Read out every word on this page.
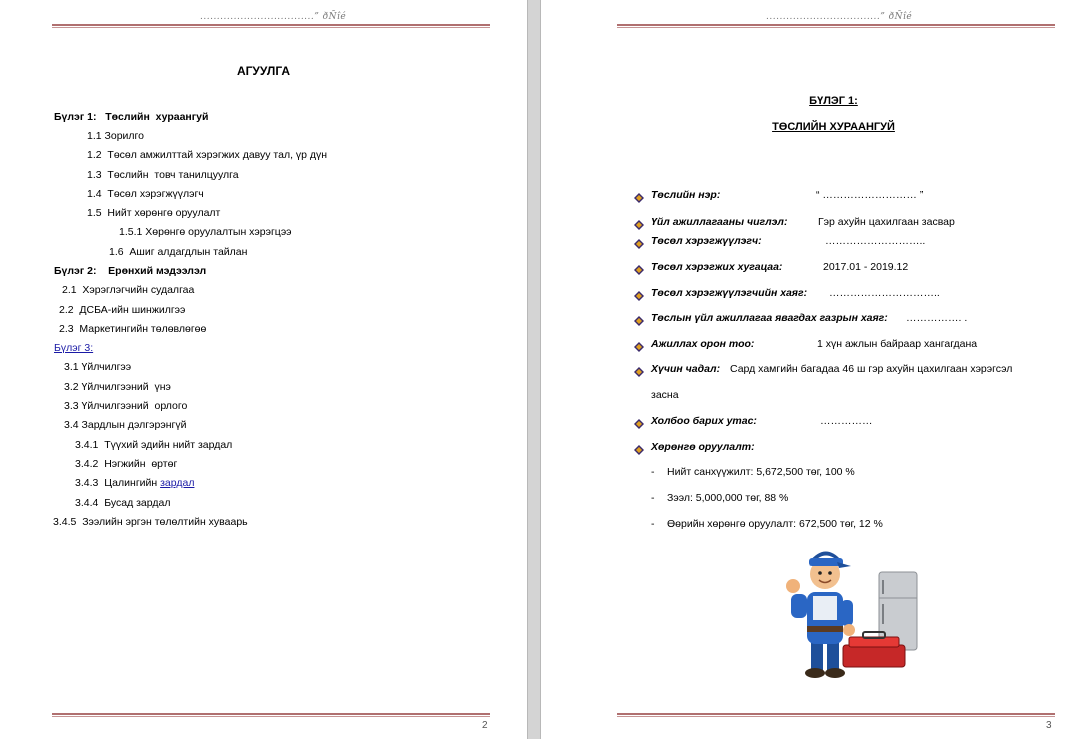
..................................” ðÑîé
АГУУЛГА
Бүлэг 1:   Төслийн  хураангуй
1.1 Зорилго
1.2  Төсөл амжилттай хэрэгжих давуу тал, үр дүн
1.3  Төслийн  товч танилцуулга
1.4  Төсөл хэрэгжүүлэгч
1.5  Нийт хөрөнгө оруулалт
1.5.1 Хөрөнгө оруулалтын хэрэгцээ
1.6  Ашиг алдагдлын тайлан
Бүлэг 2:    Ерөнхий мэдээлэл
2.1  Хэрэглэгчийн судалгаа
2.2  ДСБА-ийн шинжилгээ
2.3  Маркетингийн төлөвлөгөө
Бүлэг 3:
3.1 Үйлчилгээ
3.2 Үйлчилгээний  үнэ
3.3 Үйлчилгээний  орлого
3.4 Зардлын дэлгэрэнгүй
3.4.1  Түүхий эдийн нийт зардал
3.4.2  Нэгжийн  өртөг
3.4.3  Цалингийн зардал
3.4.4  Бусад зардал
3.4.5  Зээлийн эргэн төлөлтийн хуваарь
2
..................................” ðÑîé
БҮЛЭГ 1:
ТӨСЛИЙН ХУРААНГУЙ
Төслийн нэр:	“ ……………………… ”
Үйл ажиллагааны чиглэл:	Гэр ахуйн цахилгаан засвар
Төсөл хэрэгжүүлэгч:	………………………..
Төсөл хэрэгжих хугацаа:	2017.01 - 2019.12
Төсөл хэрэгжүүлэгчийн хаяг: …………………………..
Төслын үйл ажиллагаа явагдах газрын хаяг: ……………. .
Ажиллах орон тоо:	1 хүн ажлын байраар хангагдана
Хүчин чадал: Сард хамгийн багадаа 46 ш гэр ахуйн цахилгаан хэрэгсэл
засна
Холбоо барих утас:	……………
Хөрөнгө оруулалт:
- Нийт санхүүжилт: 5,672,500 төг, 100 %
- Зээл: 5,000,000 төг, 88 %
- Өөрийн хөрөнгө оруулалт: 672,500 төг, 12 %
3
